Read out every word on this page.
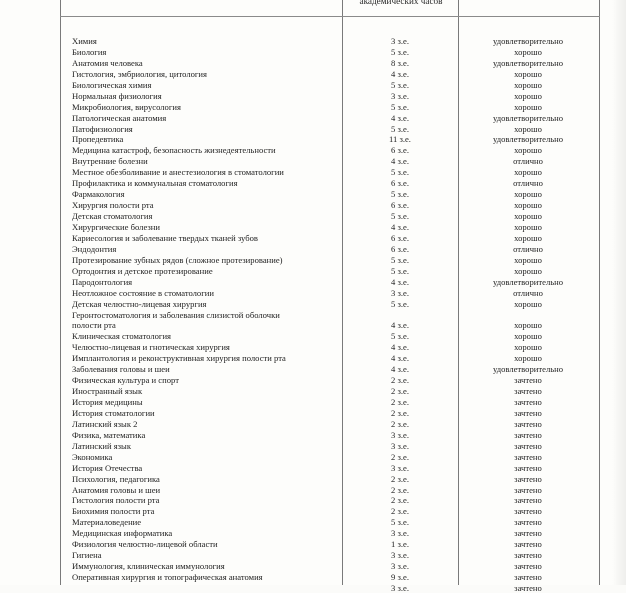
академических часов
Химия	3 з.е.	удовлетворительно
Биология	5 з.е.	хорошо
Анатомия человека	8 з.е.	удовлетворительно
Гистология, эмбриология, цитология	4 з.е.	хорошо
Биологическая химия	5 з.е.	хорошо
Нормальная физиология	3 з.е.	хорошо
Микробиология, вирусология	5 з.е.	хорошо
Патологическая анатомия	4 з.е.	удовлетворительно
Патофизиология	5 з.е.	хорошо
Пропедевтика	11 з.е.	удовлетворительно
Медицина катастроф, безопасность жизнедеятельности	6 з.е.	хорошо
Внутренние болезни	4 з.е.	отлично
Местное обезболивание и анестезиология в стоматологии	5 з.е.	хорошо
Профилактика и коммунальная стоматология	6 з.е.	отлично
Фармакология	5 з.е.	хорошо
Хирургия полости рта	6 з.е.	хорошо
Детская стоматология	5 з.е.	хорошо
Хирургические болезни	4 з.е.	хорошо
Кариесология и заболевание твердых тканей зубов	6 з.е.	хорошо
Эндодонтия	6 з.е.	отлично
Протезирование зубных рядов (сложное протезирование)	5 з.е.	хорошо
Ортодонтия и детское протезирование	5 з.е.	хорошо
Пародонтология	4 з.е.	удовлетворительно
Неотложное состояние в стоматологии	3 з.е.	отлично
Детская челюстно-лицевая хирургия	5 з.е.	хорошо
Геронтостоматология и заболевания слизистой оболочки
полости рта	4 з.е.	хорошо
Клиническая стоматология	5 з.е.	хорошо
Челюстно-лицевая и гнотическая хирургия	4 з.е.	хорошо
Имплантология и реконструктивная хирургия полости рта	4 з.е.	хорошо
Заболевания головы и шеи	4 з.е.	удовлетворительно
Физическая культура и спорт	2 з.е.	зачтено
Иностранный язык	2 з.е.	зачтено
История медицины	2 з.е.	зачтено
История стоматологии	2 з.е.	зачтено
Латинский язык 2	2 з.е.	зачтено
Физика, математика	3 з.е.	зачтено
Латинский язык	3 з.е.	зачтено
Экономика	2 з.е.	зачтено
История Отечества	3 з.е.	зачтено
Психология, педагогика	2 з.е.	зачтено
Анатомия головы и шеи	2 з.е.	зачтено
Гистология полости рта	2 з.е.	зачтено
Биохимия полости рта	2 з.е.	зачтено
Материаловедение	5 з.е.	зачтено
Медицинская информатика	3 з.е.	зачтено
Физиология челюстно-лицевой области	1 з.е.	зачтено
Гигиена	3 з.е.	зачтено
Иммунология, клиническая иммунология	3 з.е.	зачтено
Оперативная хирургия и топографическая анатомия	9 з.е.	зачтено
3 з.е.	зачтено
